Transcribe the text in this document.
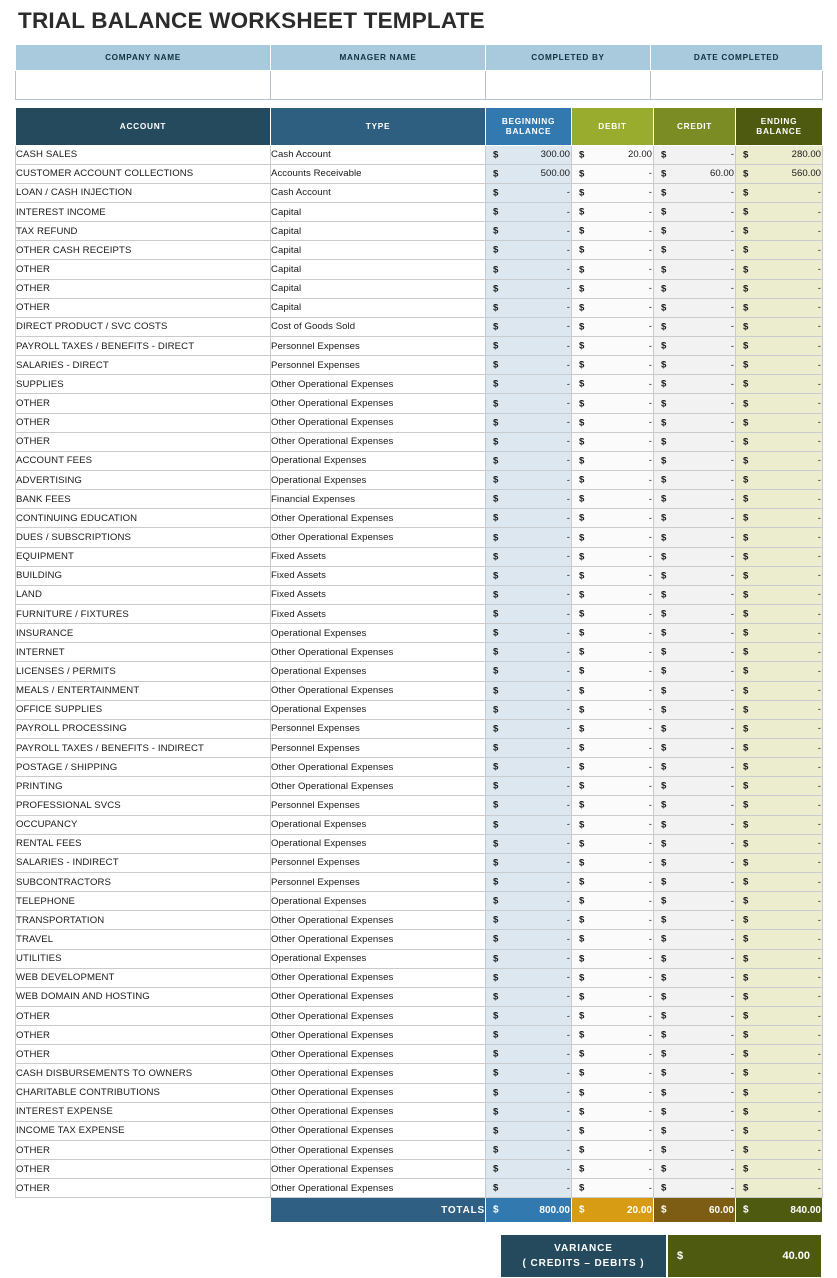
TRIAL BALANCE WORKSHEET TEMPLATE
COMPANY NAME	MANAGER NAME	COMPLETED BY	DATE COMPLETED

ACCOUNT	TYPE	BEGINNING BALANCE	DEBIT	CREDIT	ENDING BALANCE
CASH SALES	Cash Account	$ 300.00	$ 20.00	$ -	$ 280.00

CUSTOMER ACCOUNT COLLECTIONS	Accounts Receivable	$ 500.00	$ -	$ 60.00	$ 560.00

LOAN / CASH INJECTION	Cash Account	$ -	$ -	$ -	$ -

INTEREST INCOME	Capital	$ -	$ -	$ -	$ -

TAX REFUND	Capital	$ -	$ -	$ -	$ -

OTHER CASH RECEIPTS	Capital	$ -	$ -	$ -	$ -

OTHER	Capital	$ -	$ -	$ -	$ -

OTHER	Capital	$ -	$ -	$ -	$ -

OTHER	Capital	$ -	$ -	$ -	$ -

DIRECT PRODUCT / SVC COSTS	Cost of Goods Sold	$ -	$ -	$ -	$ -

PAYROLL TAXES / BENEFITS - DIRECT	Personnel Expenses	$ -	$ -	$ -	$ -

SALARIES - DIRECT	Personnel Expenses	$ -	$ -	$ -	$ -

SUPPLIES	Other Operational Expenses	$ -	$ -	$ -	$ -

OTHER	Other Operational Expenses	$ -	$ -	$ -	$ -

OTHER	Other Operational Expenses	$ -	$ -	$ -	$ -

OTHER	Other Operational Expenses	$ -	$ -	$ -	$ -

ACCOUNT FEES	Operational Expenses	$ -	$ -	$ -	$ -

ADVERTISING	Operational Expenses	$ -	$ -	$ -	$ -

BANK FEES	Financial Expenses	$ -	$ -	$ -	$ -

CONTINUING EDUCATION	Other Operational Expenses	$ -	$ -	$ -	$ -

DUES / SUBSCRIPTIONS	Other Operational Expenses	$ -	$ -	$ -	$ -

EQUIPMENT	Fixed Assets	$ -	$ -	$ -	$ -

BUILDING	Fixed Assets	$ -	$ -	$ -	$ -

LAND	Fixed Assets	$ -	$ -	$ -	$ -

FURNITURE / FIXTURES	Fixed Assets	$ -	$ -	$ -	$ -

INSURANCE	Operational Expenses	$ -	$ -	$ -	$ -

INTERNET	Other Operational Expenses	$ -	$ -	$ -	$ -

LICENSES / PERMITS	Operational Expenses	$ -	$ -	$ -	$ -

MEALS / ENTERTAINMENT	Other Operational Expenses	$ -	$ -	$ -	$ -

OFFICE SUPPLIES	Operational Expenses	$ -	$ -	$ -	$ -

PAYROLL PROCESSING	Personnel Expenses	$ -	$ -	$ -	$ -

PAYROLL TAXES / BENEFITS - INDIRECT	Personnel Expenses	$ -	$ -	$ -	$ -

POSTAGE / SHIPPING	Other Operational Expenses	$ -	$ -	$ -	$ -

PRINTING	Other Operational Expenses	$ -	$ -	$ -	$ -

PROFESSIONAL SVCS	Personnel Expenses	$ -	$ -	$ -	$ -

OCCUPANCY	Operational Expenses	$ -	$ -	$ -	$ -

RENTAL FEES	Operational Expenses	$ -	$ -	$ -	$ -

SALARIES - INDIRECT	Personnel Expenses	$ -	$ -	$ -	$ -

SUBCONTRACTORS	Personnel Expenses	$ -	$ -	$ -	$ -

TELEPHONE	Operational Expenses	$ -	$ -	$ -	$ -

TRANSPORTATION	Other Operational Expenses	$ -	$ -	$ -	$ -

TRAVEL	Other Operational Expenses	$ -	$ -	$ -	$ -

UTILITIES	Operational Expenses	$ -	$ -	$ -	$ -

WEB DEVELOPMENT	Other Operational Expenses	$ -	$ -	$ -	$ -

WEB DOMAIN AND HOSTING	Other Operational Expenses	$ -	$ -	$ -	$ -

OTHER	Other Operational Expenses	$ -	$ -	$ -	$ -

OTHER	Other Operational Expenses	$ -	$ -	$ -	$ -

OTHER	Other Operational Expenses	$ -	$ -	$ -	$ -

CASH DISBURSEMENTS TO OWNERS	Other Operational Expenses	$ -	$ -	$ -	$ -

CHARITABLE CONTRIBUTIONS	Other Operational Expenses	$ -	$ -	$ -	$ -

INTEREST EXPENSE	Other Operational Expenses	$ -	$ -	$ -	$ -

INCOME TAX EXPENSE	Other Operational Expenses	$ -	$ -	$ -	$ -

OTHER	Other Operational Expenses	$ -	$ -	$ -	$ -

OTHER	Other Operational Expenses	$ -	$ -	$ -	$ -

OTHER	Other Operational Expenses	$ -	$ -	$ -	$ -

	TOTALS	$ 800.00	$ 20.00	$ 60.00	$ 840.00
VARIANCE
( CREDITS – DEBITS )
$	40.00
